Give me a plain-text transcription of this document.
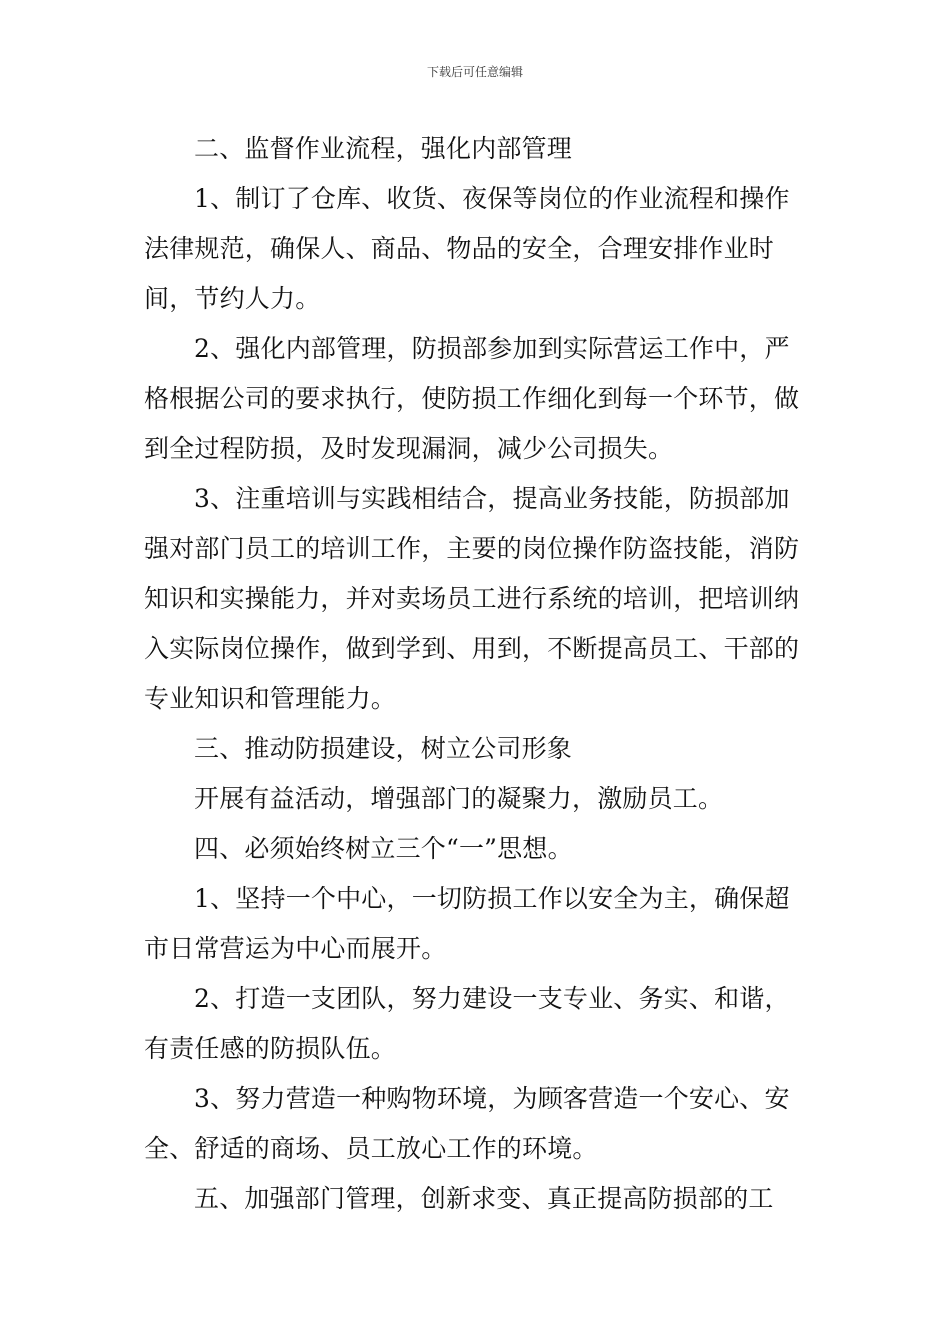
下载后可任意编辑

二、监督作业流程，强化内部管理

1、制订了仓库、收货、夜保等岗位的作业流程和操作法律规范，确保人、商品、物品的安全，合理安排作业时间，节约人力。

2、强化内部管理，防损部参加到实际营运工作中，严格根据公司的要求执行，使防损工作细化到每一个环节，做到全过程防损，及时发现漏洞，减少公司损失。

3、注重培训与实践相结合，提高业务技能，防损部加强对部门员工的培训工作，主要的岗位操作防盗技能，消防知识和实操能力，并对卖场员工进行系统的培训，把培训纳入实际岗位操作，做到学到、用到，不断提高员工、干部的专业知识和管理能力。

三、推动防损建设，树立公司形象

开展有益活动，增强部门的凝聚力，激励员工。

四、必须始终树立三个“一”思想。

1、坚持一个中心，一切防损工作以安全为主，确保超市日常营运为中心而展开。

2、打造一支团队，努力建设一支专业、务实、和谐，有责任感的防损队伍。

3、努力营造一种购物环境，为顾客营造一个安心、安全、舒适的商场、员工放心工作的环境。

五、加强部门管理，创新求变、真正提高防损部的工
